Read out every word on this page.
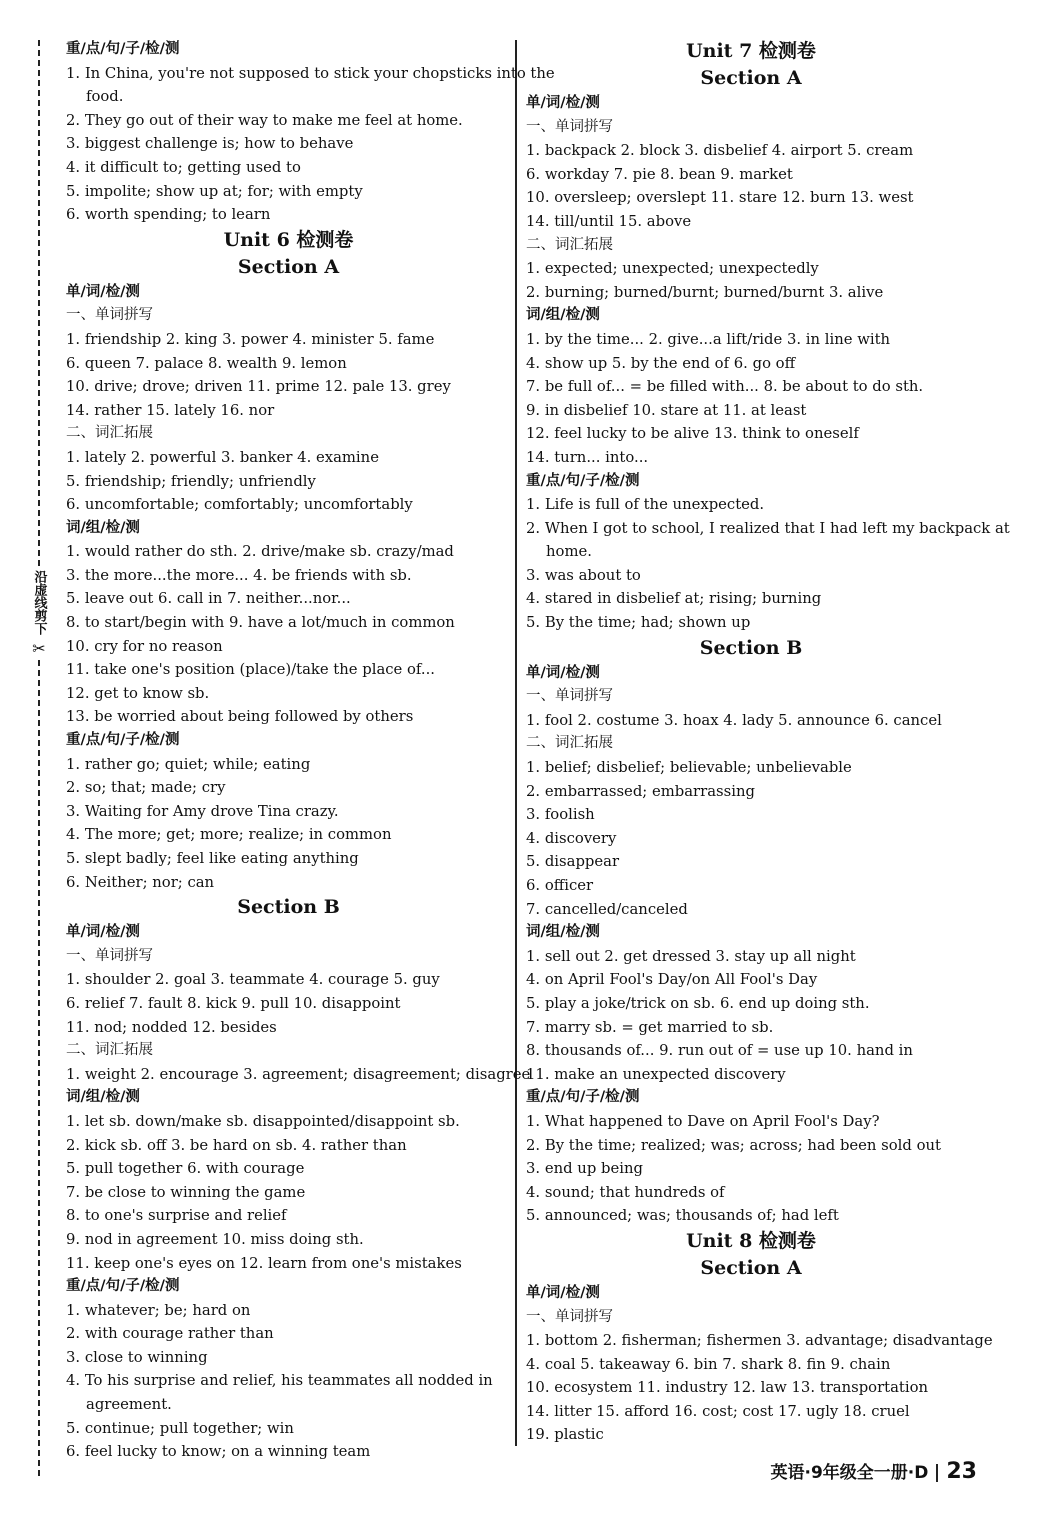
沿虚线剪下
✂
重/点/句/子/检/测
1. In China, you're not supposed to stick your chopsticks into the
food.
2. They go out of their way to make me feel at home.
3. biggest challenge is; how to behave
4. it difficult to; getting used to
5. impolite; show up at; for; with empty
6. worth spending; to learn
Unit 6 检测卷
Section A
单/词/检/测
一、单词拼写
1. friendship 2. king 3. power 4. minister 5. fame
6. queen 7. palace 8. wealth 9. lemon
10. drive; drove; driven 11. prime 12. pale 13. grey
14. rather 15. lately 16. nor
二、词汇拓展
1. lately 2. powerful 3. banker 4. examine
5. friendship; friendly; unfriendly
6. uncomfortable; comfortably; uncomfortably
词/组/检/测
1. would rather do sth. 2. drive/make sb. crazy/mad
3. the more...the more... 4. be friends with sb.
5. leave out 6. call in 7. neither...nor...
8. to start/begin with 9. have a lot/much in common
10. cry for no reason
11. take one's position (place)/take the place of...
12. get to know sb.
13. be worried about being followed by others
重/点/句/子/检/测
1. rather go; quiet; while; eating
2. so; that; made; cry
3. Waiting for Amy drove Tina crazy.
4. The more; get; more; realize; in common
5. slept badly; feel like eating anything
6. Neither; nor; can
Section B
单/词/检/测
一、单词拼写
1. shoulder 2. goal 3. teammate 4. courage 5. guy
6. relief 7. fault 8. kick 9. pull 10. disappoint
11. nod; nodded 12. besides
二、词汇拓展
1. weight 2. encourage 3. agreement; disagreement; disagree
词/组/检/测
1. let sb. down/make sb. disappointed/disappoint sb.
2. kick sb. off 3. be hard on sb. 4. rather than
5. pull together 6. with courage
7. be close to winning the game
8. to one's surprise and relief
9. nod in agreement 10. miss doing sth.
11. keep one's eyes on 12. learn from one's mistakes
重/点/句/子/检/测
1. whatever; be; hard on
2. with courage rather than
3. close to winning
4. To his surprise and relief, his teammates all nodded in
agreement.
5. continue; pull together; win
6. feel lucky to know; on a winning team
Unit 7 检测卷
Section A
单/词/检/测
一、单词拼写
1. backpack 2. block 3. disbelief 4. airport 5. cream
6. workday 7. pie 8. bean 9. market
10. oversleep; overslept 11. stare 12. burn 13. west
14. till/until 15. above
二、词汇拓展
1. expected; unexpected; unexpectedly
2. burning; burned/burnt; burned/burnt 3. alive
词/组/检/测
1. by the time... 2. give...a lift/ride 3. in line with
4. show up 5. by the end of 6. go off
7. be full of... = be filled with... 8. be about to do sth.
9. in disbelief 10. stare at 11. at least
12. feel lucky to be alive 13. think to oneself
14. turn... into...
重/点/句/子/检/测
1. Life is full of the unexpected.
2. When I got to school, I realized that I had left my backpack at
home.
3. was about to
4. stared in disbelief at; rising; burning
5. By the time; had; shown up
Section B
单/词/检/测
一、单词拼写
1. fool 2. costume 3. hoax 4. lady 5. announce 6. cancel
二、词汇拓展
1. belief; disbelief; believable; unbelievable
2. embarrassed; embarrassing
3. foolish
4. discovery
5. disappear
6. officer
7. cancelled/canceled
词/组/检/测
1. sell out 2. get dressed 3. stay up all night
4. on April Fool's Day/on All Fool's Day
5. play a joke/trick on sb. 6. end up doing sth.
7. marry sb. = get married to sb.
8. thousands of... 9. run out of = use up 10. hand in
11. make an unexpected discovery
重/点/句/子/检/测
1. What happened to Dave on April Fool's Day?
2. By the time; realized; was; across; had been sold out
3. end up being
4. sound; that hundreds of
5. announced; was; thousands of; had left
Unit 8 检测卷
Section A
单/词/检/测
一、单词拼写
1. bottom 2. fisherman; fishermen 3. advantage; disadvantage
4. coal 5. takeaway 6. bin 7. shark 8. fin 9. chain
10. ecosystem 11. industry 12. law 13. transportation
14. litter 15. afford 16. cost; cost 17. ugly 18. cruel
19. plastic
英语·9年级全一册·D 23
